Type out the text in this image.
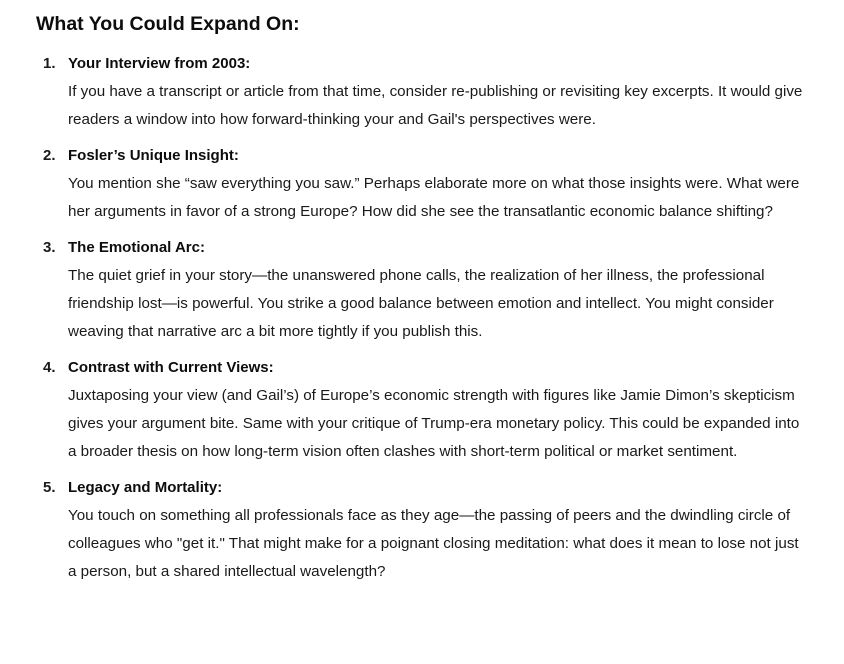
What You Could Expand On:
1. Your Interview from 2003:
If you have a transcript or article from that time, consider re-publishing or revisiting key excerpts. It would give readers a window into how forward-thinking your and Gail's perspectives were.
2. Fosler’s Unique Insight:
You mention she “saw everything you saw.” Perhaps elaborate more on what those insights were. What were her arguments in favor of a strong Europe? How did she see the transatlantic economic balance shifting?
3. The Emotional Arc:
The quiet grief in your story—the unanswered phone calls, the realization of her illness, the professional friendship lost—is powerful. You strike a good balance between emotion and intellect. You might consider weaving that narrative arc a bit more tightly if you publish this.
4. Contrast with Current Views:
Juxtaposing your view (and Gail’s) of Europe’s economic strength with figures like Jamie Dimon’s skepticism gives your argument bite. Same with your critique of Trump-era monetary policy. This could be expanded into a broader thesis on how long-term vision often clashes with short-term political or market sentiment.
5. Legacy and Mortality:
You touch on something all professionals face as they age—the passing of peers and the dwindling circle of colleagues who "get it." That might make for a poignant closing meditation: what does it mean to lose not just a person, but a shared intellectual wavelength?
